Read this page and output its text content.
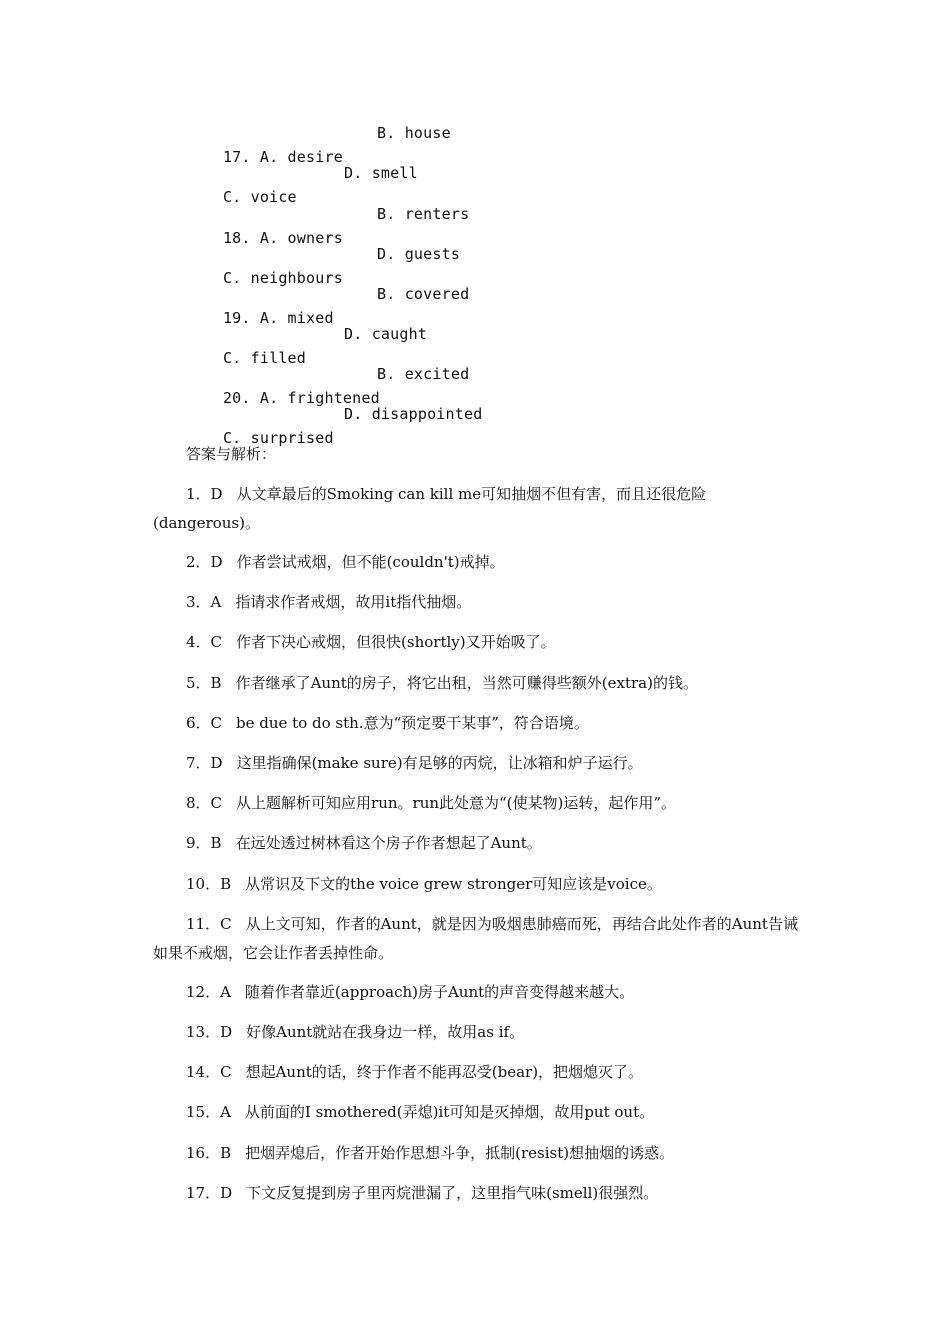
17. A. desire

B. house

C. voice

D. smell

18. A. owners

B. renters

C. neighbours

D. guests

19. A. mixed

B. covered

C. filled

D. caught

20. A. frightened

B. excited

C. surprised

D. disappointed

答案与解析：
1．D 从文章最后的Smoking can kill me可知抽烟不但有害，而且还很危险(dangerous)。
2．D 作者尝试戒烟，但不能(couldn't)戒掉。
3．A 指请求作者戒烟，故用it指代抽烟。
4．C 作者下决心戒烟，但很快(shortly)又开始吸了。
5．B 作者继承了Aunt的房子，将它出租，当然可赚得些额外(extra)的钱。
6．C be due to do sth.意为“预定要干某事”，符合语境。
7．D 这里指确保(make sure)有足够的丙烷，让冰箱和炉子运行。
8．C 从上题解析可知应用run。run此处意为“(使某物)运转，起作用”。
9．B 在远处透过树林看这个房子作者想起了Aunt。
10．B 从常识及下文的the voice grew stronger可知应该是voice。
11．C 从上文可知，作者的Aunt，就是因为吸烟患肺癌而死，再结合此处作者的Aunt告诫如果不戒烟，它会让作者丢掉性命。
12．A 随着作者靠近(approach)房子Aunt的声音变得越来越大。
13．D 好像Aunt就站在我身边一样，故用as if。
14．C 想起Aunt的话，终于作者不能再忍受(bear)，把烟熄灭了。
15．A 从前面的I smothered(弄熄)it可知是灭掉烟，故用put out。
16．B 把烟弄熄后，作者开始作思想斗争，抵制(resist)想抽烟的诱惑。
17．D 下文反复提到房子里丙烷泄漏了，这里指气味(smell)很强烈。
